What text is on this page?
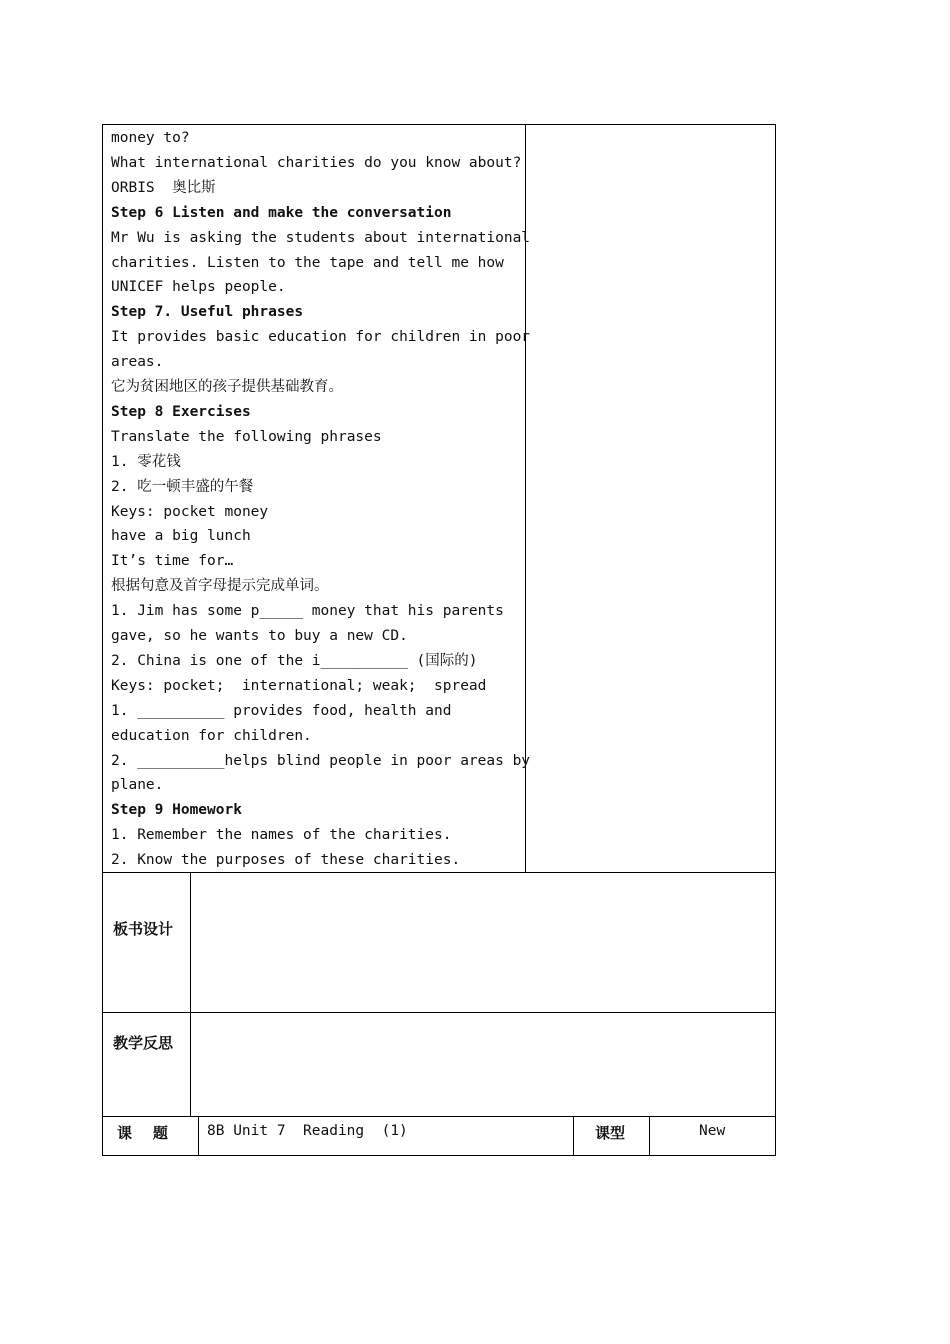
money to?
What international charities do you know about?
ORBIS  奥比斯
Step 6 Listen and make the conversation
Mr Wu is asking the students about international
charities. Listen to the tape and tell me how
UNICEF helps people.
Step 7. Useful phrases
It provides basic education for children in poor
areas.
它为贫困地区的孩子提供基础教育。
Step 8 Exercises
Translate the following phrases
1. 零花钱
2. 吃一顿丰盛的午餐
Keys: pocket money
have a big lunch
It’s time for…
根据句意及首字母提示完成单词。
1. Jim has some p_____ money that his parents
gave, so he wants to buy a new CD.
2. China is one of the i__________ (国际的)
Keys: pocket;  international; weak;  spread
1. __________ provides food, health and
education for children.
2. __________helps blind people in poor areas by
plane.
Step 9 Homework
1. Remember the names of the charities.
2. Know the purposes of these charities.
板书设计
教学反思
课    题	8B Unit 7  Reading  (1)	课型	New
